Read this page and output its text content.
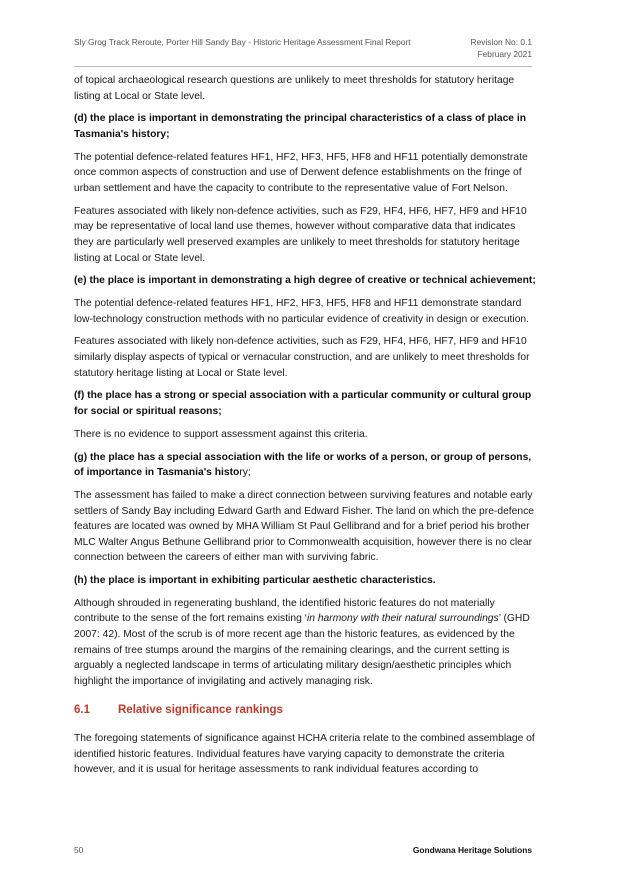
Sly Grog Track Reroute, Porter Hill Sandy Bay - Historic Heritage Assessment Final Report	Revision No: 0.1
February 2021

of topical archaeological research questions are unlikely to meet thresholds for statutory heritage listing at Local or State level.

(d) the place is important in demonstrating the principal characteristics of a class of place in Tasmania's history;

The potential defence-related features HF1, HF2, HF3, HF5, HF8 and HF11 potentially demonstrate once common aspects of construction and use of Derwent defence establishments on the fringe of urban settlement and have the capacity to contribute to the representative value of Fort Nelson.

Features associated with likely non-defence activities, such as F29, HF4, HF6, HF7, HF9 and HF10 may be representative of local land use themes, however without comparative data that indicates they are particularly well preserved examples are unlikely to meet thresholds for statutory heritage listing at Local or State level.

(e) the place is important in demonstrating a high degree of creative or technical achievement;

The potential defence-related features HF1, HF2, HF3, HF5, HF8 and HF11 demonstrate standard low-technology construction methods with no particular evidence of creativity in design or execution.

Features associated with likely non-defence activities, such as F29, HF4, HF6, HF7, HF9 and HF10 similarly display aspects of typical or vernacular construction, and are unlikely to meet thresholds for statutory heritage listing at Local or State level.

(f) the place has a strong or special association with a particular community or cultural group for social or spiritual reasons;

There is no evidence to support assessment against this criteria.

(g) the place has a special association with the life or works of a person, or group of persons, of importance in Tasmania's history;

The assessment has failed to make a direct connection between surviving features and notable early settlers of Sandy Bay including Edward Garth and Edward Fisher. The land on which the pre-defence features are located was owned by MHA William St Paul Gellibrand and for a brief period his brother MLC Walter Angus Bethune Gellibrand prior to Commonwealth acquisition, however there is no clear connection between the careers of either man with surviving fabric.

(h) the place is important in exhibiting particular aesthetic characteristics.

Although shrouded in regenerating bushland, the identified historic features do not materially contribute to the sense of the fort remains existing ‘in harmony with their natural surroundings’ (GHD 2007: 42). Most of the scrub is of more recent age than the historic features, as evidenced by the remains of tree stumps around the margins of the remaining clearings, and the current setting is arguably a neglected landscape in terms of articulating military design/aesthetic principles which highlight the importance of invigilating and actively managing risk.

6.1 Relative significance rankings

The foregoing statements of significance against HCHA criteria relate to the combined assemblage of identified historic features. Individual features have varying capacity to demonstrate the criteria however, and it is usual for heritage assessments to rank individual features according to

50	Gondwana Heritage Solutions
